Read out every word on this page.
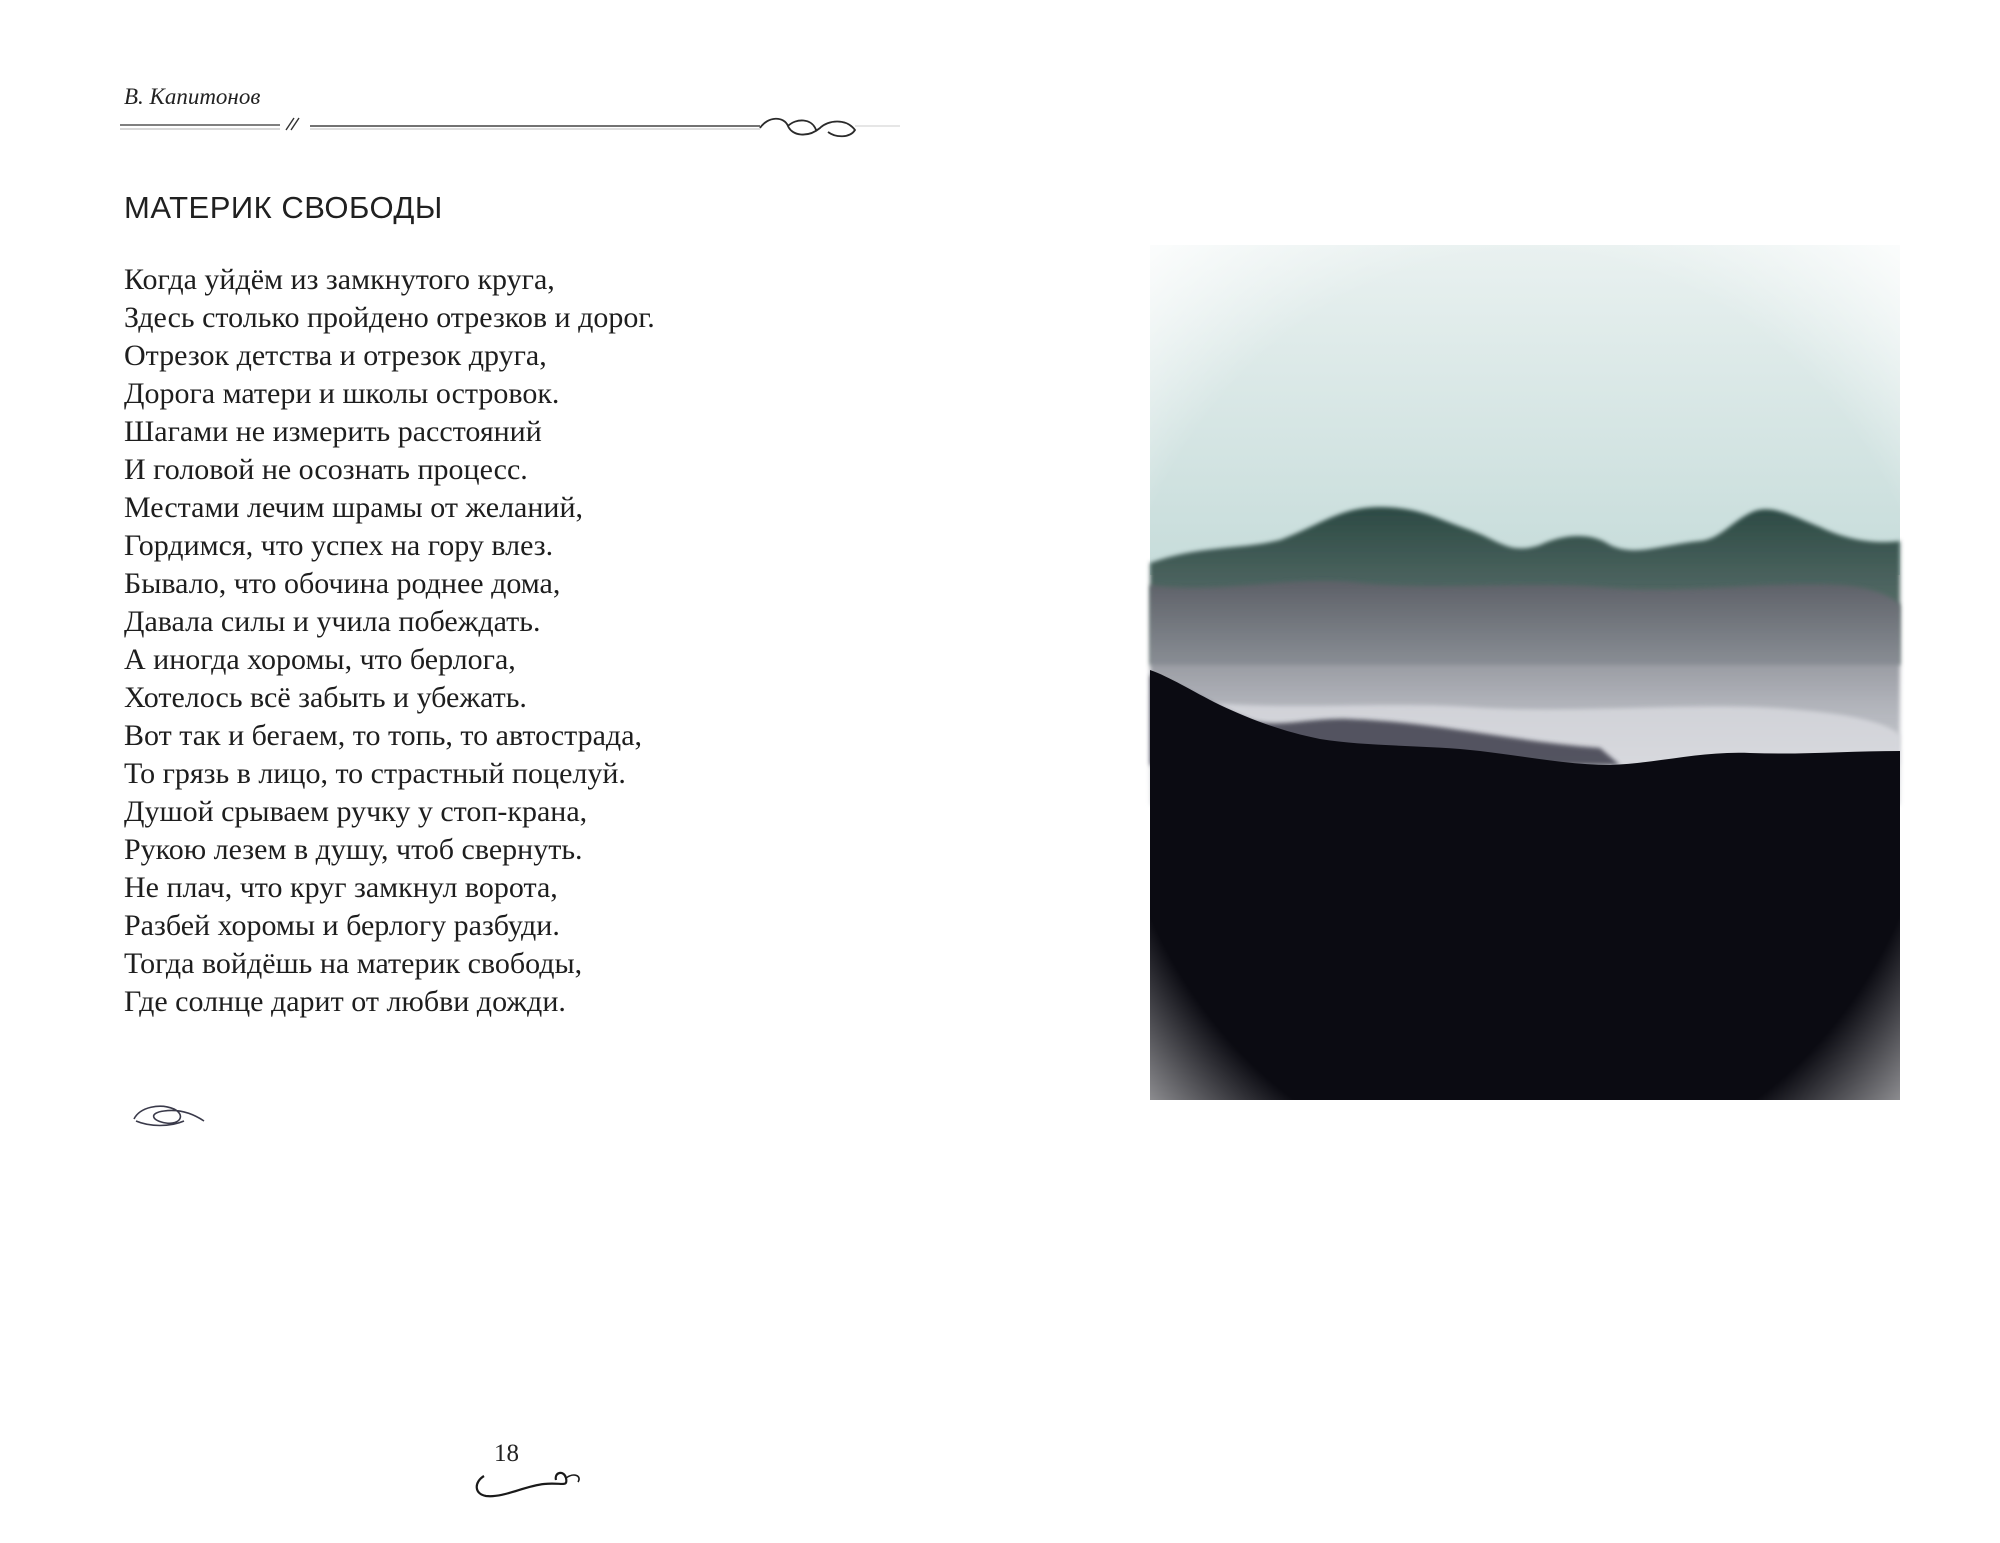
В. Капитонов
МАТЕРИК СВОБОДЫ
Когда уйдём из замкнутого круга,
Здесь столько пройдено отрезков и дорог.
Отрезок детства и отрезок друга,
Дорога матери и школы островок.
Шагами не измерить расстояний
И головой не осознать процесс.
Местами лечим шрамы от желаний,
Гордимся, что успех на гору влез.
Бывало, что обочина роднее дома,
Давала силы и учила побеждать.
А иногда хоромы, что берлога,
Хотелось всё забыть и убежать.
Вот так и бегаем, то топь, то автострада,
То грязь в лицо, то страстный поцелуй.
Душой срываем ручку у стоп-крана,
Рукою лезем в душу, чтоб свернуть.
Не плач, что круг замкнул ворота,
Разбей хоромы и берлогу разбуди.
Тогда войдёшь на материк свободы,
Где солнце дарит от любви дожди.
18
